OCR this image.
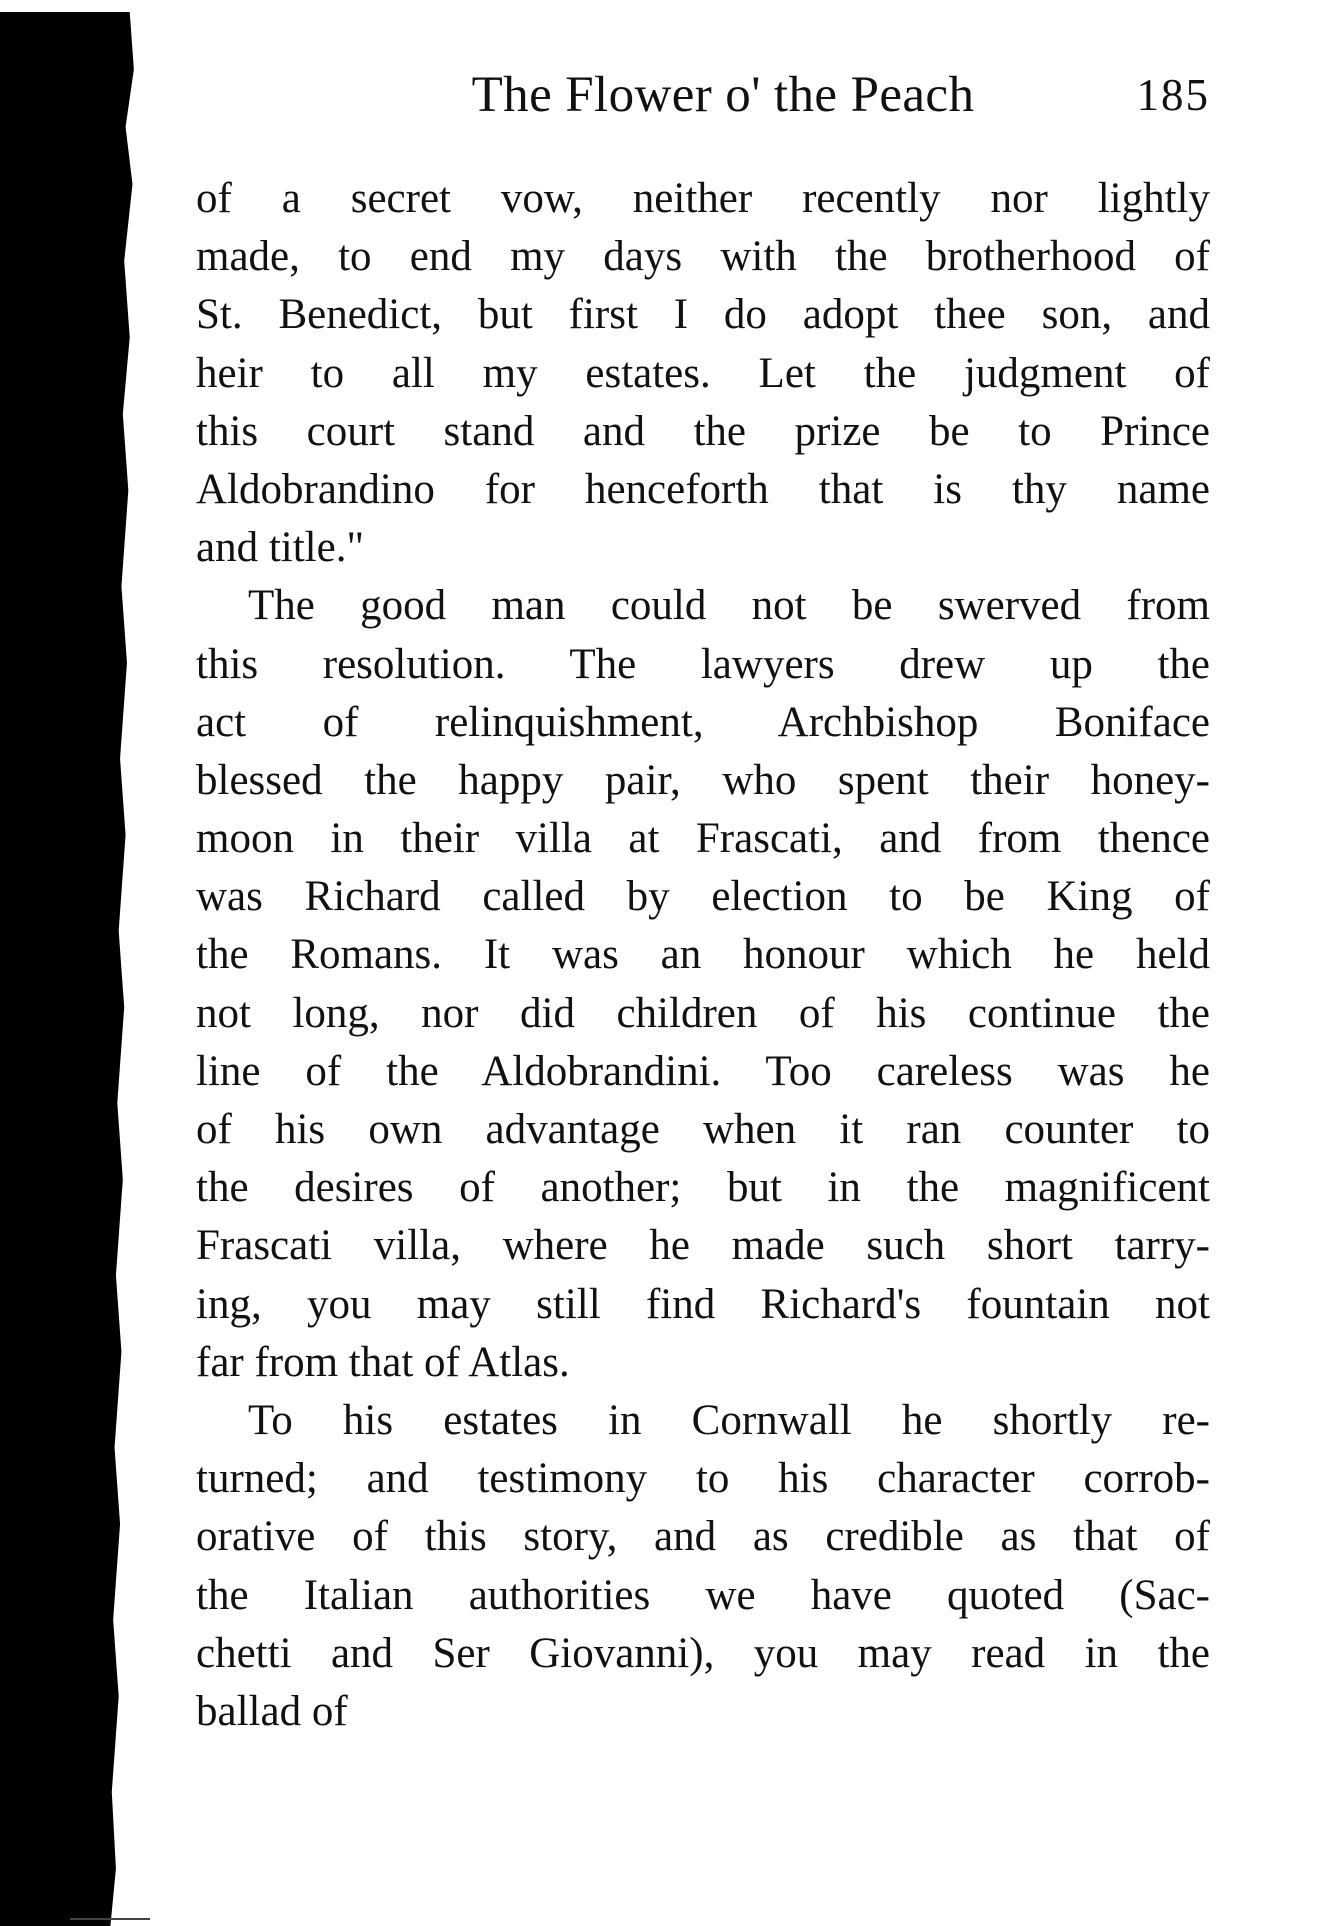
The Flower o' the Peach	185
of a secret vow, neither recently nor lightly
made, to end my days with the brotherhood of
St. Benedict, but first I do adopt thee son, and
heir to all my estates. Let the judgment of
this court stand and the prize be to Prince
Aldobrandino for henceforth that is thy name
and title."
The good man could not be swerved from
this resolution. The lawyers drew up the
act of relinquishment, Archbishop Boniface
blessed the happy pair, who spent their honey-
moon in their villa at Frascati, and from thence
was Richard called by election to be King of
the Romans. It was an honour which he held
not long, nor did children of his continue the
line of the Aldobrandini. Too careless was he
of his own advantage when it ran counter to
the desires of another; but in the magnificent
Frascati villa, where he made such short tarry-
ing, you may still find Richard's fountain not
far from that of Atlas.
To his estates in Cornwall he shortly re-
turned; and testimony to his character corrob-
orative of this story, and as credible as that of
the Italian authorities we have quoted (Sac-
chetti and Ser Giovanni), you may read in the
ballad of
